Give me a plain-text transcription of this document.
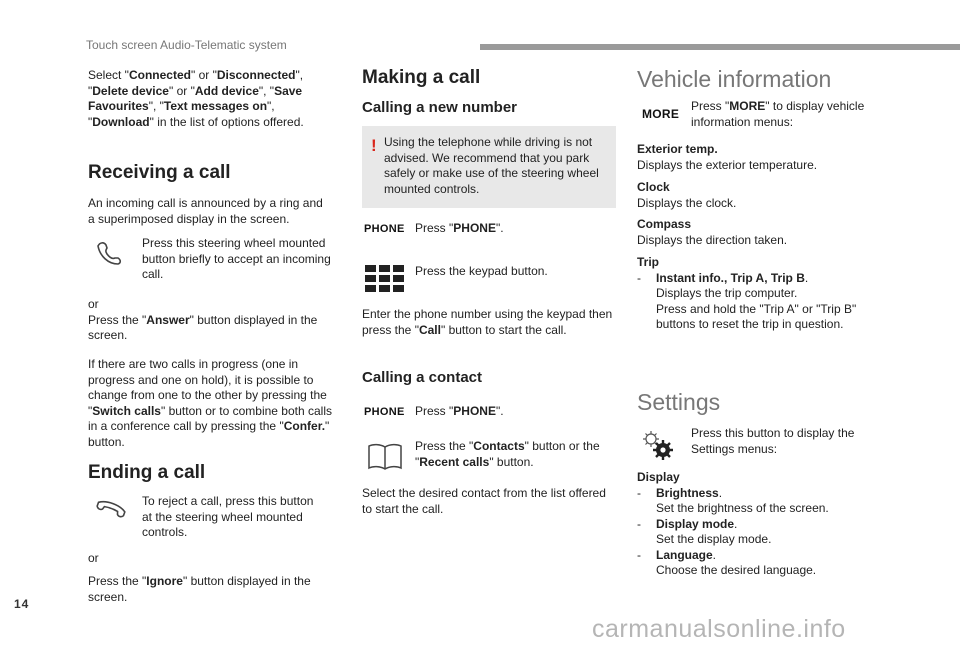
Touch screen Audio-Telematic system
Select "Connected" or "Disconnected",
"Delete device" or "Add device", "Save
Favourites", "Text messages on",
"Download" in the list of options offered.
Receiving a call
An incoming call is announced by a ring and
a superimposed display in the screen.
Press this steering wheel mounted
button briefly to accept an incoming
call.
or
Press the "Answer" button displayed in the
screen.
If there are two calls in progress (one in
progress and one on hold), it is possible to
change from one to the other by pressing the
"Switch calls" button or to combine both calls
in a conference call by pressing the "Confer."
button.
Ending a call
To reject a call, press this button
at the steering wheel mounted
controls.
or
Press the "Ignore" button displayed in the
screen.
Making a call
Calling a new number
! Using the telephone while driving is not
advised. We recommend that you park
safely or make use of the steering wheel
mounted controls.
PHONE Press "PHONE".
Press the keypad button.
Enter the phone number using the keypad then
press the "Call" button to start the call.
Calling a contact
PHONE Press "PHONE".
Press the "Contacts" button or the
"Recent calls" button.
Select the desired contact from the list offered
to start the call.
Vehicle information
MORE
Press "MORE" to display vehicle
information menus:
Exterior temp.
Displays the exterior temperature.
Clock
Displays the clock.
Compass
Displays the direction taken.
Trip
- Instant info., Trip A, Trip B.
Displays the trip computer.
Press and hold the "Trip A" or "Trip B"
buttons to reset the trip in question.
Settings
Press this button to display the
Settings menus:
Display
- Brightness.
Set the brightness of the screen.
- Display mode.
Set the display mode.
- Language.
Choose the desired language.
14
carmanualsonline.info
